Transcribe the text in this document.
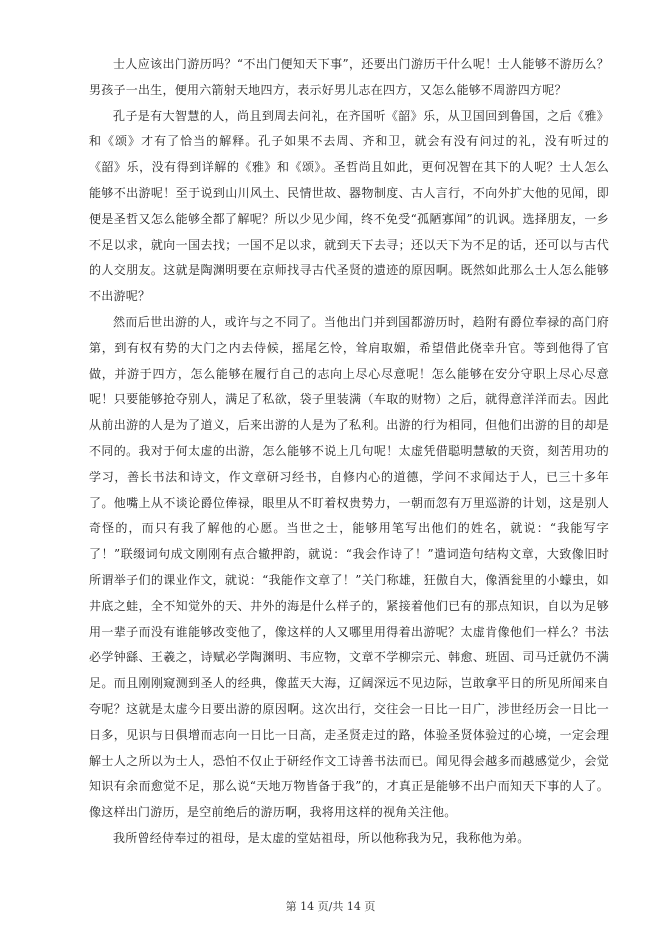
士人应该出门游历吗？“不出门便知天下事”，还要出门游历干什么呢！士人能够不游历么？男孩子一出生，便用六箭射天地四方，表示好男儿志在四方，又怎么能够不周游四方呢？

孔子是有大智慧的人，尚且到周去问礼，在齐国听《韶》乐，从卫国回到鲁国，之后《雅》和《颂》才有了恰当的解释。孔子如果不去周、齐和卫，就会有没有问过的礼，没有听过的《韶》乐，没有得到详解的《雅》和《颂》。圣哲尚且如此，更何况智在其下的人呢？士人怎么能够不出游呢！至于说到山川风土、民情世故、器物制度、古人言行，不向外扩大他的见闻，即便是圣哲又怎么能够全都了解呢？所以少见少闻，终不免受“孤陋寡闻”的讥讽。选择朋友，一乡不足以求，就向一国去找；一国不足以求，就到天下去寻；还以天下为不足的话，还可以与古代的人交朋友。这就是陶渊明要在京师找寻古代圣贤的遗迹的原因啊。既然如此那么士人怎么能够不出游呢？

然而后世出游的人，或许与之不同了。当他出门并到国都游历时，趋附有爵位奉禄的高门府第，到有权有势的大门之内去侍候，摇尾乞怜，耸肩取媚，希望借此侥幸升官。等到他得了官做，并游于四方，怎么能够在履行自己的志向上尽心尽意呢！怎么能够在安分守职上尽心尽意呢！只要能够抢夺别人，满足了私欲，袋子里装满（车取的财物）之后，就得意洋洋而去。因此从前出游的人是为了道义，后来出游的人是为了私利。出游的行为相同，但他们出游的目的却是不同的。我对于何太虚的出游，怎么能够不说上几句呢！太虚凭借聪明慧敏的天资，刻苦用功的学习，善长书法和诗文，作文章研习经书，自修内心的道德，学问不求闻达于人，已三十多年了。他嘴上从不谈论爵位俸禄，眼里从不盯着权贵势力，一朝而忽有万里巡游的计划，这是别人奇怪的，而只有我了解他的心愿。当世之士，能够用笔写出他们的姓名，就说：“我能写字了！”联缀词句成文刚刚有点合辙押韵，就说：“我会作诗了！”遣词造句结构文章，大致像旧时所谓举子们的课业作文，就说：“我能作文章了！”关门称雄，狂傲自大，像酒瓮里的小蠓虫，如井底之蛙，全不知觉外的天、井外的海是什么样子的，紧接着他们已有的那点知识，自以为足够用一辈子而没有谁能够改变他了，像这样的人又哪里用得着出游呢？太虚肯像他们一样么？书法必学钟繇、王羲之，诗赋必学陶渊明、韦应物，文章不学柳宗元、韩愈、班固、司马迁就仍不满足。而且刚刚窥测到圣人的经典，像蓝天大海，辽阔深远不见边际，岂敢拿平日的所见所闻来自夸呢？这就是太虚今日要出游的原因啊。这次出行，交往会一日比一日广，涉世经历会一日比一日多，见识与日俱增而志向一日比一日高，走圣贤走过的路，体验圣贤体验过的心境，一定会理解士人之所以为士人，恐怕不仅止于研经作文工诗善书法而已。闻见得会越多而越感觉少，会觉知识有余而愈觉不足，那么说“天地万物皆备于我”的，才真正是能够不出户而知天下事的人了。像这样出门游历，是空前绝后的游历啊，我将用这样的视角关注他。

我所曾经侍奉过的祖母，是太虚的堂姑祖母，所以他称我为兄，我称他为弟。

第 14 页/共 14 页
